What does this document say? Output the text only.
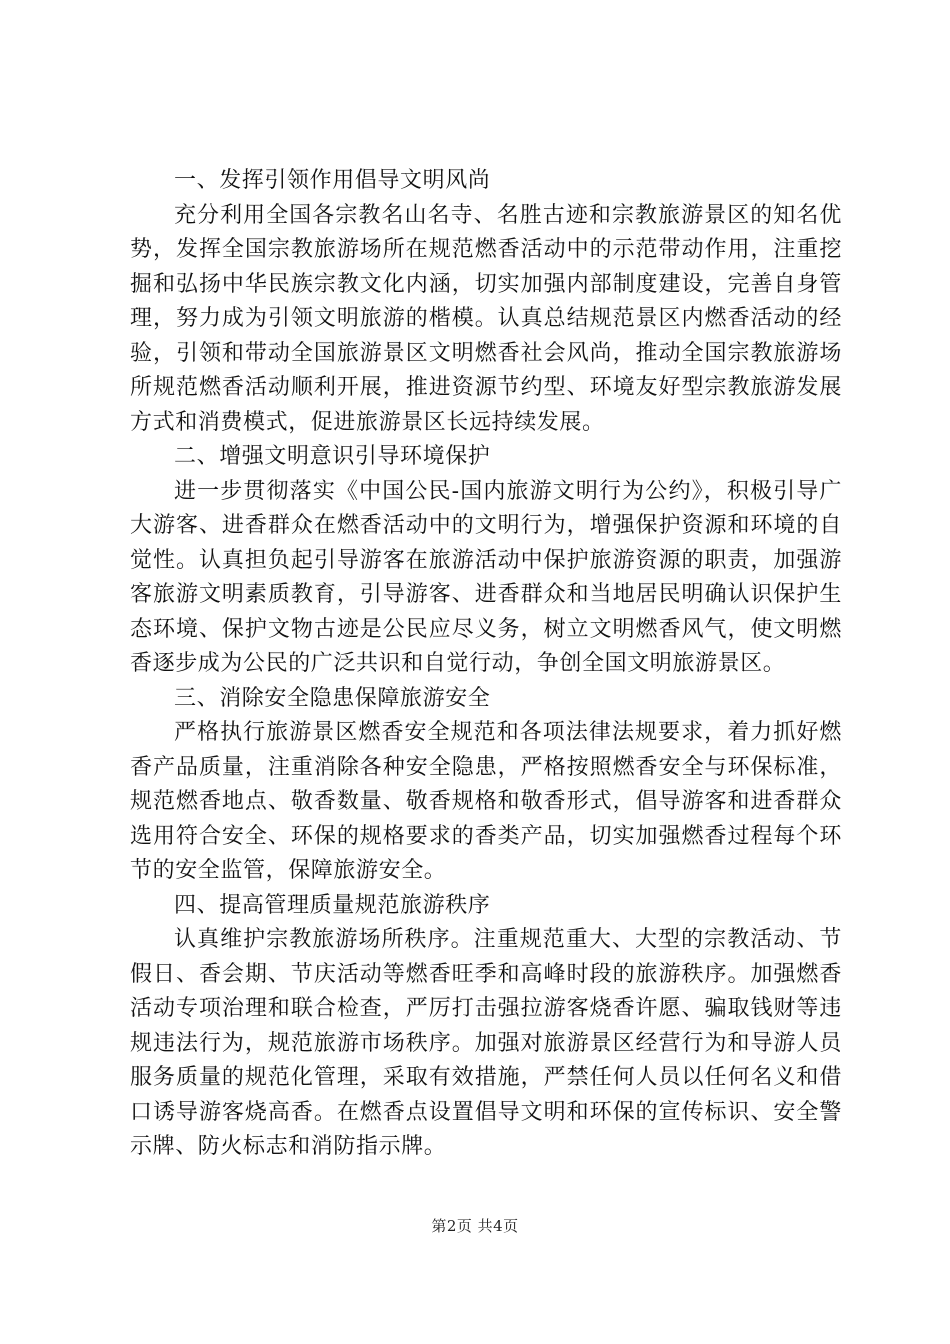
一、发挥引领作用倡导文明风尚

充分利用全国各宗教名山名寺、名胜古迹和宗教旅游景区的知名优势，发挥全国宗教旅游场所在规范燃香活动中的示范带动作用，注重挖掘和弘扬中华民族宗教文化内涵，切实加强内部制度建设，完善自身管理，努力成为引领文明旅游的楷模。认真总结规范景区内燃香活动的经验，引领和带动全国旅游景区文明燃香社会风尚，推动全国宗教旅游场所规范燃香活动顺利开展，推进资源节约型、环境友好型宗教旅游发展方式和消费模式，促进旅游景区长远持续发展。

二、增强文明意识引导环境保护

进一步贯彻落实《中国公民-国内旅游文明行为公约》，积极引导广大游客、进香群众在燃香活动中的文明行为，增强保护资源和环境的自觉性。认真担负起引导游客在旅游活动中保护旅游资源的职责，加强游客旅游文明素质教育，引导游客、进香群众和当地居民明确认识保护生态环境、保护文物古迹是公民应尽义务，树立文明燃香风气，使文明燃香逐步成为公民的广泛共识和自觉行动，争创全国文明旅游景区。

三、消除安全隐患保障旅游安全

严格执行旅游景区燃香安全规范和各项法律法规要求，着力抓好燃香产品质量，注重消除各种安全隐患，严格按照燃香安全与环保标准，规范燃香地点、敬香数量、敬香规格和敬香形式，倡导游客和进香群众选用符合安全、环保的规格要求的香类产品，切实加强燃香过程每个环节的安全监管，保障旅游安全。

四、提高管理质量规范旅游秩序

认真维护宗教旅游场所秩序。注重规范重大、大型的宗教活动、节假日、香会期、节庆活动等燃香旺季和高峰时段的旅游秩序。加强燃香活动专项治理和联合检查，严厉打击强拉游客烧香许愿、骗取钱财等违规违法行为，规范旅游市场秩序。加强对旅游景区经营行为和导游人员服务质量的规范化管理，采取有效措施，严禁任何人员以任何名义和借口诱导游客烧高香。在燃香点设置倡导文明和环保的宣传标识、安全警示牌、防火标志和消防指示牌。

第2页 共4页
